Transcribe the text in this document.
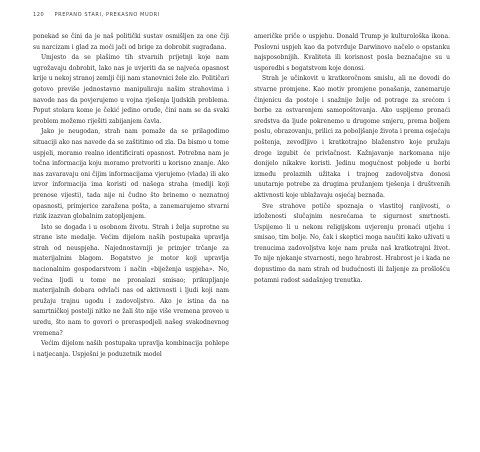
120 PREPANO STARI, PREKASNO MUDRI

ponekad se čini da je naš politički sustav osmišljen za one čiji su narcizam i glad za moći jači od brige za dobrobit sugrađana.

Umjesto da se plašimo tih stvarnih prijetnji koje nam ugrožavaju dobrobit, lako nas je uvjeriti da se najveća opasnost krije u nekoj stranoj zemlji čiji nam stanovnici žele zlo. Političari gotovo previše jednostavno manipuliraju našim strahovima i navode nas da povjerujemo u vojna rješenja ljudskih problema. Poput stolara kome je čekić jedino oruđe, čini nam se da svaki problem možemo riješiti zabijanjem čavla.

Jako je neugodan, strah nam pomaže da se prilagodimo situaciji ako nas navede da se zaštitimo od zla. Da bismo u tome uspjeli, moramo realno identificirati opasnost. Potrebna nam je točna informacija koju moramo pretvoriti u korisno znanje. Ako nas zavaravaju oni čijim informacijama vjerujemo (vlada) ili ako izvor informacija ima koristi od našega straha (mediji koji prenose vijesti), tada nije ni čudno što brinemo o neznatnoj opasnosti, primjerice zaražena pošta, a zanemarujemo stvarni rizik izazvan globalnim zatopljenjem.

Isto se događa i u osobnom životu. Strah i želja suprotne su strane iste medalje. Većim dijelom naših postupaka upravlja strah od neuspjeha. Najednostavniji je primjer trčanje za materijalnim blagom. Bogatstvo je motor koji upravlja nacionalnim gospodarstvom i način «biježenja uspjeha». No, većina ljudi u tome ne pronalazi smisao; prikupljanje materijalnih dobara odvlači nas od aktivnosti i ljudi koji nam pružaju trajnu ugodu i zadovoljstvo. Ako je istina da na samrtničkoj postelji nitko ne žali što nije više vremena proveo u uredu, što nam to govori o preraspodjeli našeg svakodnevnog vremena?

Većim dijelom naših postupaka upravlja kombinacija pohlepe i natjecanja. Uspješni je poduzetnik model

američke priče o uspjehu. Donald Trump je kulturološka ikona. Poslovni uspjeh kao da potvrđuje Darwinovo načelo o opstanku najsposobnijih. Kvaliteta ili korisnost posla beznačajne su u usporedbi s bogatstvom koje donosi.

Strah je učinkovit u kratkoročnom smislu, ali ne dovodi do stvarne promjene. Kao motiv promjene ponašanja, zanemaruje činjenicu da postoje i snažnije želje od potrage za srećom i borbe za ostvarenjem samopoštovanja. Ako uspijemo pronaći sredstva da ljude pokrenemo u drugome smjeru, prema boljem poslu, obrazovanju, prilici za poboljšanje života i prema osjećaju poštenja, zevodljivo i kratkotrajno blaženstvo koje pružaju droge izgubit će privlačnost. Kažnjavanje narkomana nije donijelo nikakve koristi. Jedinu mogućnost pobjede u borbi između prolaznih užitaka i trajnog zadovoljstva donosi unutarnje potrebe za drugima pružanjem tješenja i društvenih aktivnosti koje ublažavaju osjećaj beznađa.

Sve strahove potiče spoznaja o vlastitoj ranjivosti, o izloženosti slučajnim nesrećama te sigurnost smrtnosti. Uspijemo li u nekom religijskom uvjerenju pronaći utjehu i smisao, tim bolje. No, čak i skeptici moga naučiti kako uživati u trenucima zadovoljstva koje nam pruža naš kratkotrajni život. To nije njekanje stvarnosti, nego hrabrost. Hrabrost je i kada ne dopustimo da nam strah od budućnosti ili žaljenje za prošlošću potamni radost sadašnjeg trenutka.
